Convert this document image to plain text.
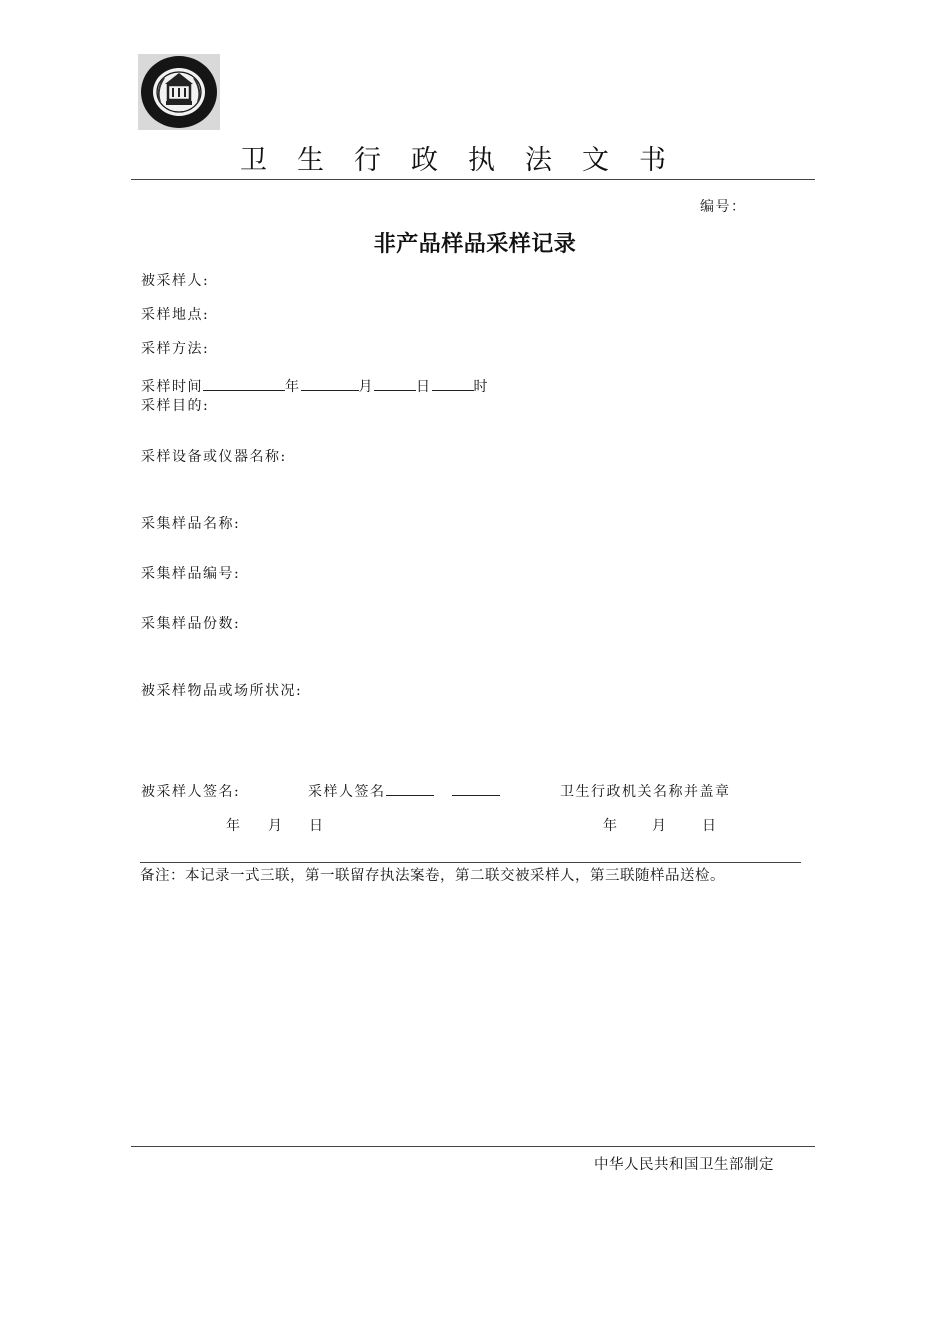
卫生行政执法文书
编号：
非产品样品采样记录
被采样人:
采样地点:
采样方法:
采样时间	年	月	日	时
采样目的:
采样设备或仪器名称:
采集样品名称:
采集样品编号:
采集样品份数:
被采样物品或场所状况:
被采样人签名:	采样人签名	卫生行政机关名称并盖章
年 月 日	年 月 日
备注：本记录一式三联，第一联留存执法案卷，第二联交被采样人，第三联随样品送检。
中华人民共和国卫生部制定
